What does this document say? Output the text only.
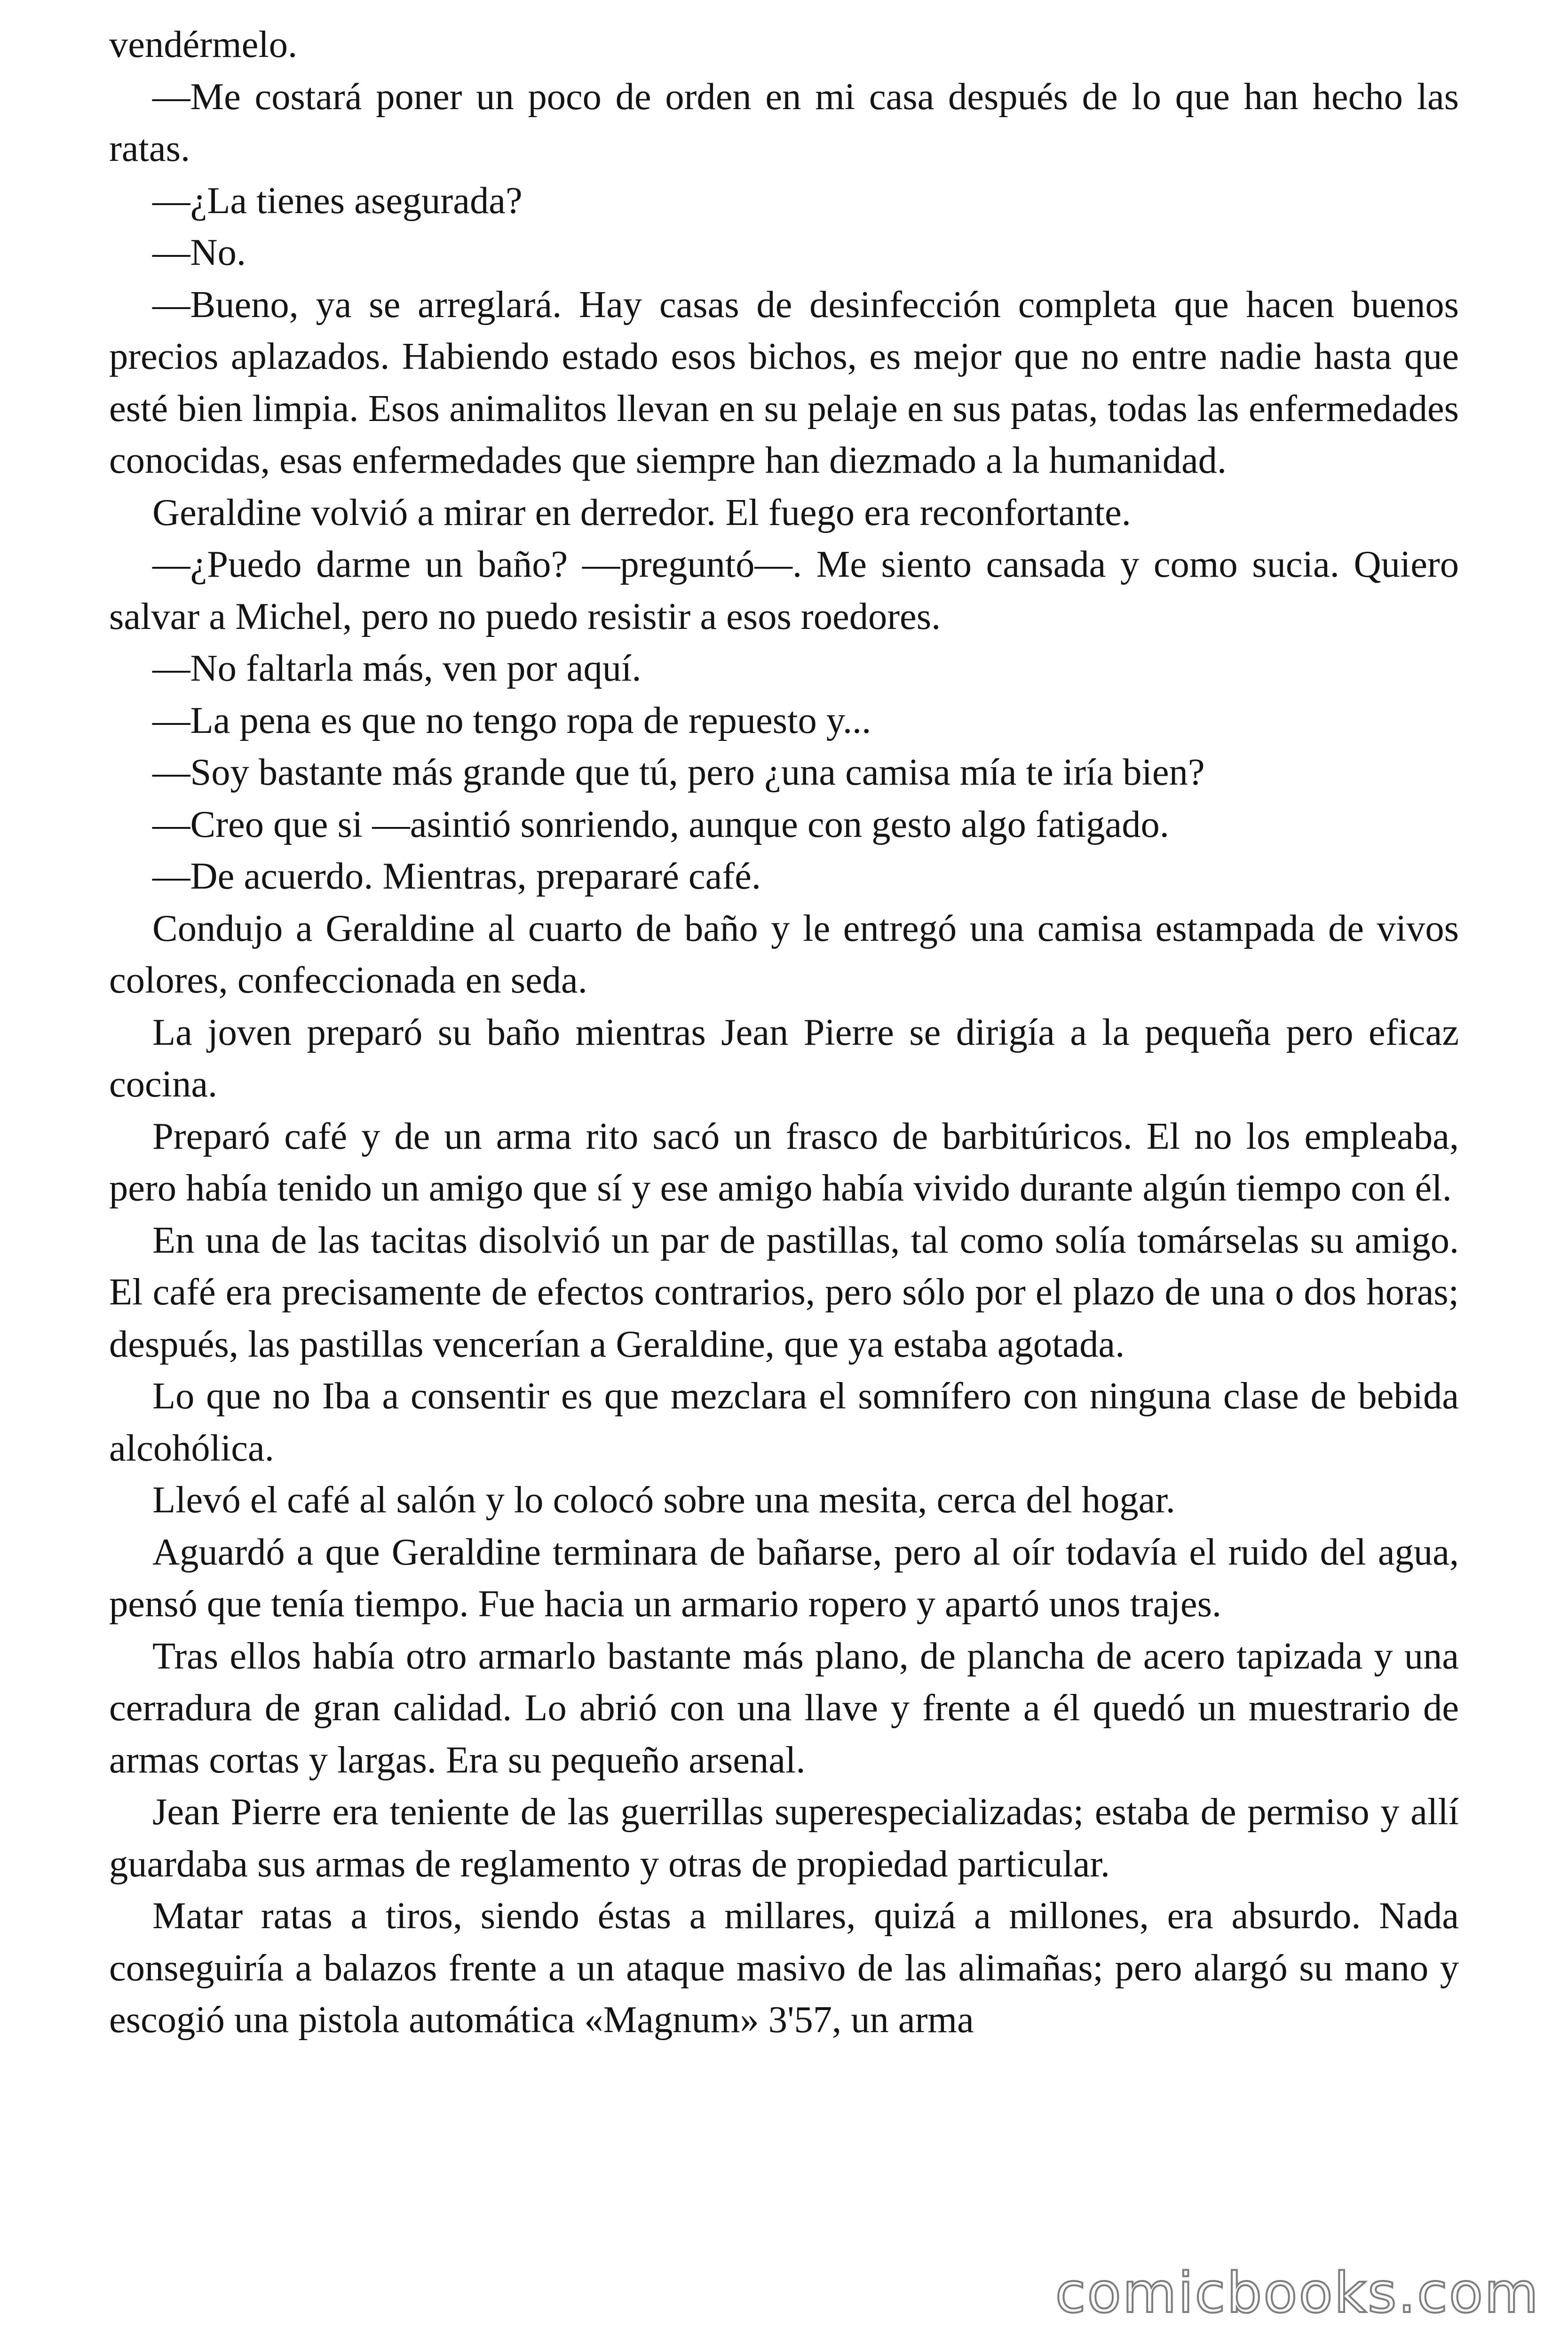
vendérmelo.

—Me costará poner un poco de orden en mi casa después de lo que han hecho las ratas.

—¿La tienes asegurada?

—No.

—Bueno, ya se arreglará. Hay casas de desinfección completa que hacen buenos precios aplazados. Habiendo estado esos bichos, es mejor que no entre nadie hasta que esté bien limpia. Esos animalitos llevan en su pelaje en sus patas, todas las enfermedades conocidas, esas enfermedades que siempre han diezmado a la humanidad.

Geraldine volvió a mirar en derredor. El fuego era reconfortante.

—¿Puedo darme un baño? —preguntó—. Me siento cansada y como sucia. Quiero salvar a Michel, pero no puedo resistir a esos roedores.

—No faltarla más, ven por aquí.

—La pena es que no tengo ropa de repuesto y...

—Soy bastante más grande que tú, pero ¿una camisa mía te iría bien?

—Creo que si —asintió sonriendo, aunque con gesto algo fatigado.

—De acuerdo. Mientras, prepararé café.

Condujo a Geraldine al cuarto de baño y le entregó una camisa estampada de vivos colores, confeccionada en seda.

La joven preparó su baño mientras Jean Pierre se dirigía a la pequeña pero eficaz cocina.

Preparó café y de un arma rito sacó un frasco de barbitúricos. El no los empleaba, pero había tenido un amigo que sí y ese amigo había vivido durante algún tiempo con él.

En una de las tacitas disolvió un par de pastillas, tal como solía tomárselas su amigo. El café era precisamente de efectos contrarios, pero sólo por el plazo de una o dos horas; después, las pastillas vencerían a Geraldine, que ya estaba agotada.

Lo que no Iba a consentir es que mezclara el somnífero con ninguna clase de bebida alcohólica.

Llevó el café al salón y lo colocó sobre una mesita, cerca del hogar.

Aguardó a que Geraldine terminara de bañarse, pero al oír todavía el ruido del agua, pensó que tenía tiempo. Fue hacia un armario ropero y apartó unos trajes.

Tras ellos había otro armarlo bastante más plano, de plancha de acero tapizada y una cerradura de gran calidad. Lo abrió con una llave y frente a él quedó un muestrario de armas cortas y largas. Era su pequeño arsenal.

Jean Pierre era teniente de las guerrillas superespecializadas; estaba de permiso y allí guardaba sus armas de reglamento y otras de propiedad particular.

Matar ratas a tiros, siendo éstas a millares, quizá a millones, era absurdo. Nada conseguiría a balazos frente a un ataque masivo de las alimañas; pero alargó su mano y escogió una pistola automática «Magnum» 3'57, un arma

comicbooks.com
